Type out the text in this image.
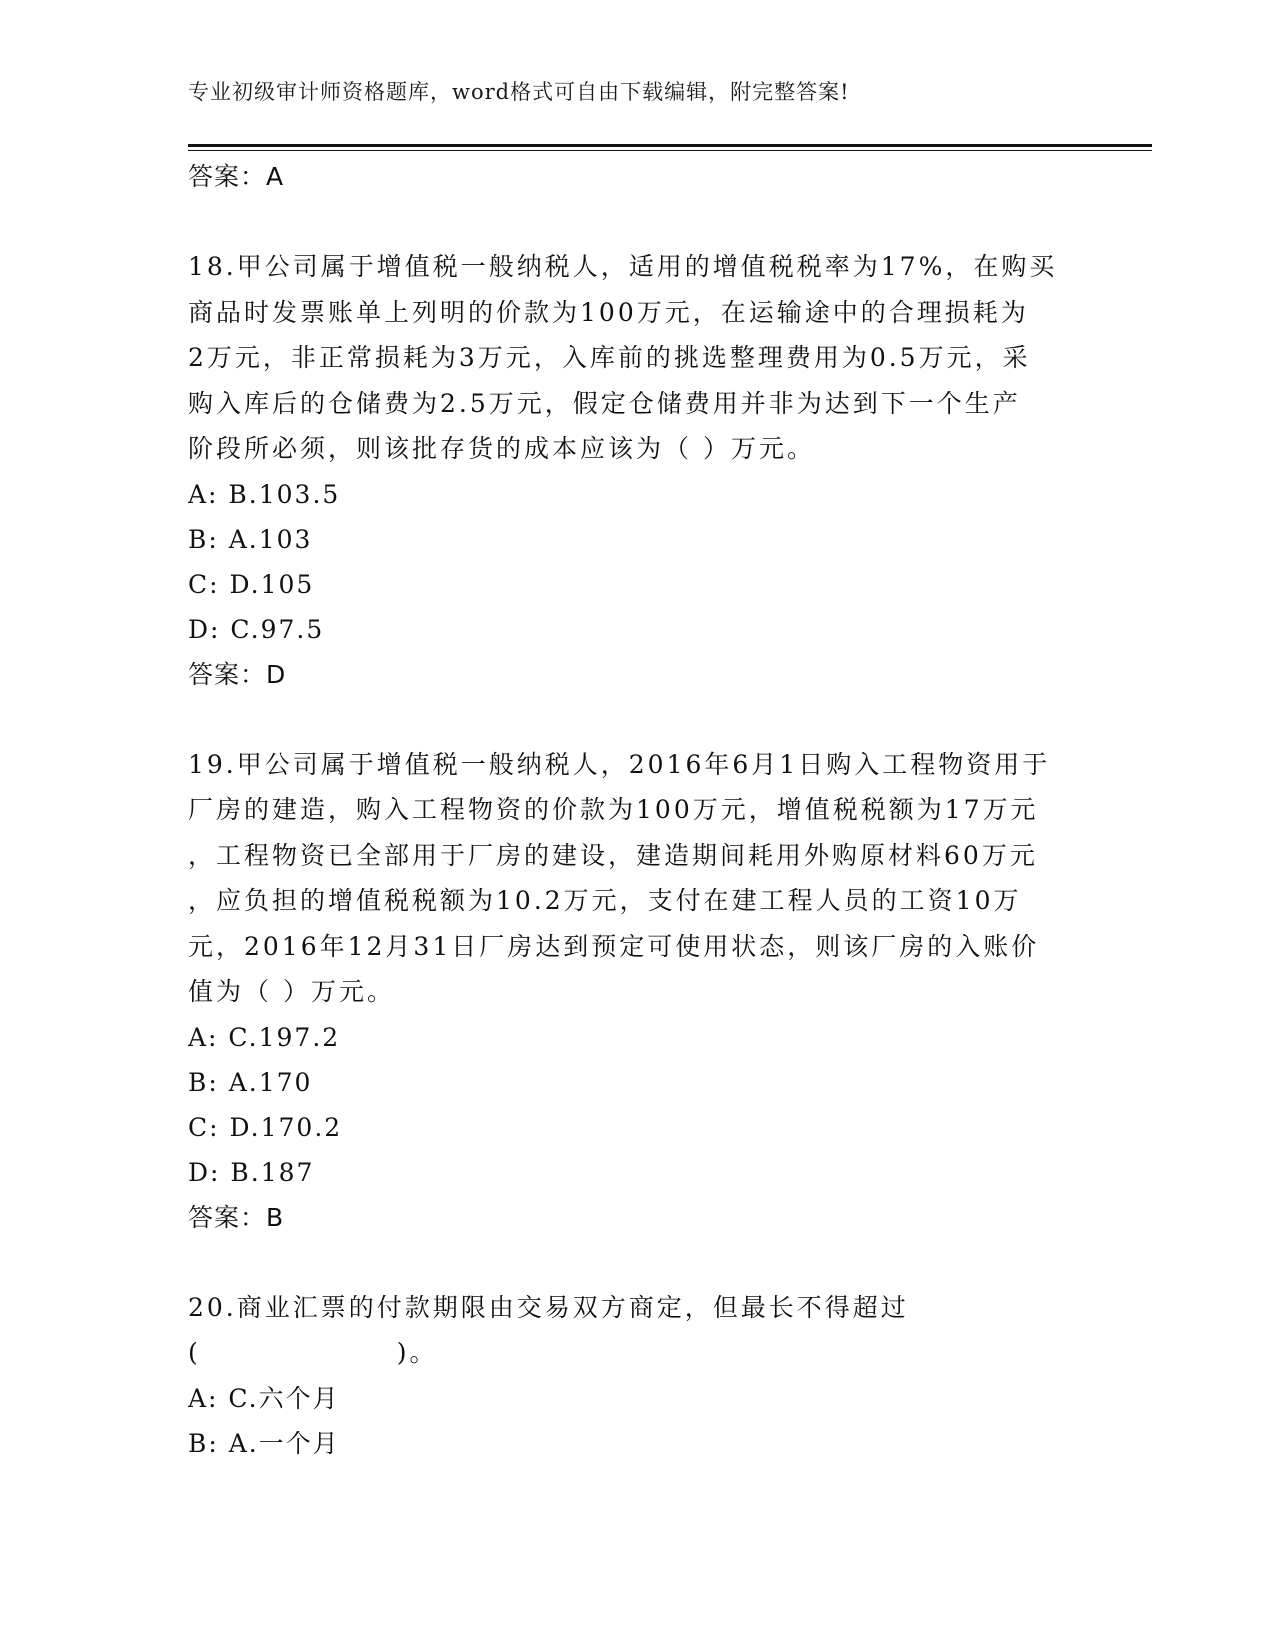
专业初级审计师资格题库，word格式可自由下载编辑，附完整答案!
答案：A
18.甲公司属于增值税一般纳税人，适用的增值税税率为17%，在购买
商品时发票账单上列明的价款为100万元，在运输途中的合理损耗为
2万元，非正常损耗为3万元，入库前的挑选整理费用为0.5万元，采
购入库后的仓储费为2.5万元，假定仓储费用并非为达到下一个生产
阶段所必须，则该批存货的成本应该为（ ）万元。
A: B.103.5
B: A.103
C: D.105
D: C.97.5
答案：D
19.甲公司属于增值税一般纳税人，2016年6月1日购入工程物资用于
厂房的建造，购入工程物资的价款为100万元，增值税税额为17万元
，工程物资已全部用于厂房的建设，建造期间耗用外购原材料60万元
，应负担的增值税税额为10.2万元，支付在建工程人员的工资10万
元，2016年12月31日厂房达到预定可使用状态，则该厂房的入账价
值为（ ）万元。
A: C.197.2
B: A.170
C: D.170.2
D: B.187
答案：B
20.商业汇票的付款期限由交易双方商定，但最长不得超过
(　　　　　　　)。
A: C.六个月
B: A.一个月
